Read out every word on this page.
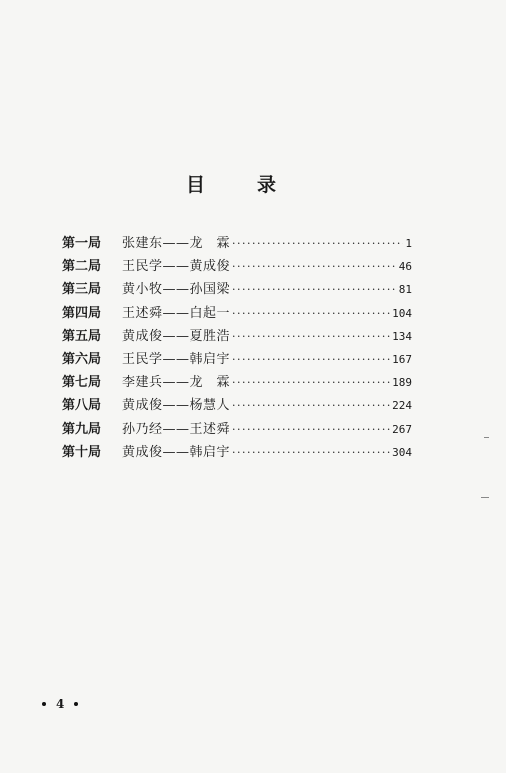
目	录
第一局	张建东——龙　霖 ·····	1
第二局	王民学——黄成俊 ·····	46
第三局	黄小牧——孙国梁 ·····	81
第四局	王述舜——白起一 ·····	104
第五局	黄成俊——夏胜浩 ·····	134
第六局	王民学——韩启宇 ·····	167
第七局	李建兵——龙　霖 ·····	189
第八局	黄成俊——杨慧人 ·····	224
第九局	孙乃经——王述舜 ·····	267
第十局	黄成俊——韩启宇 ·····	304
4
